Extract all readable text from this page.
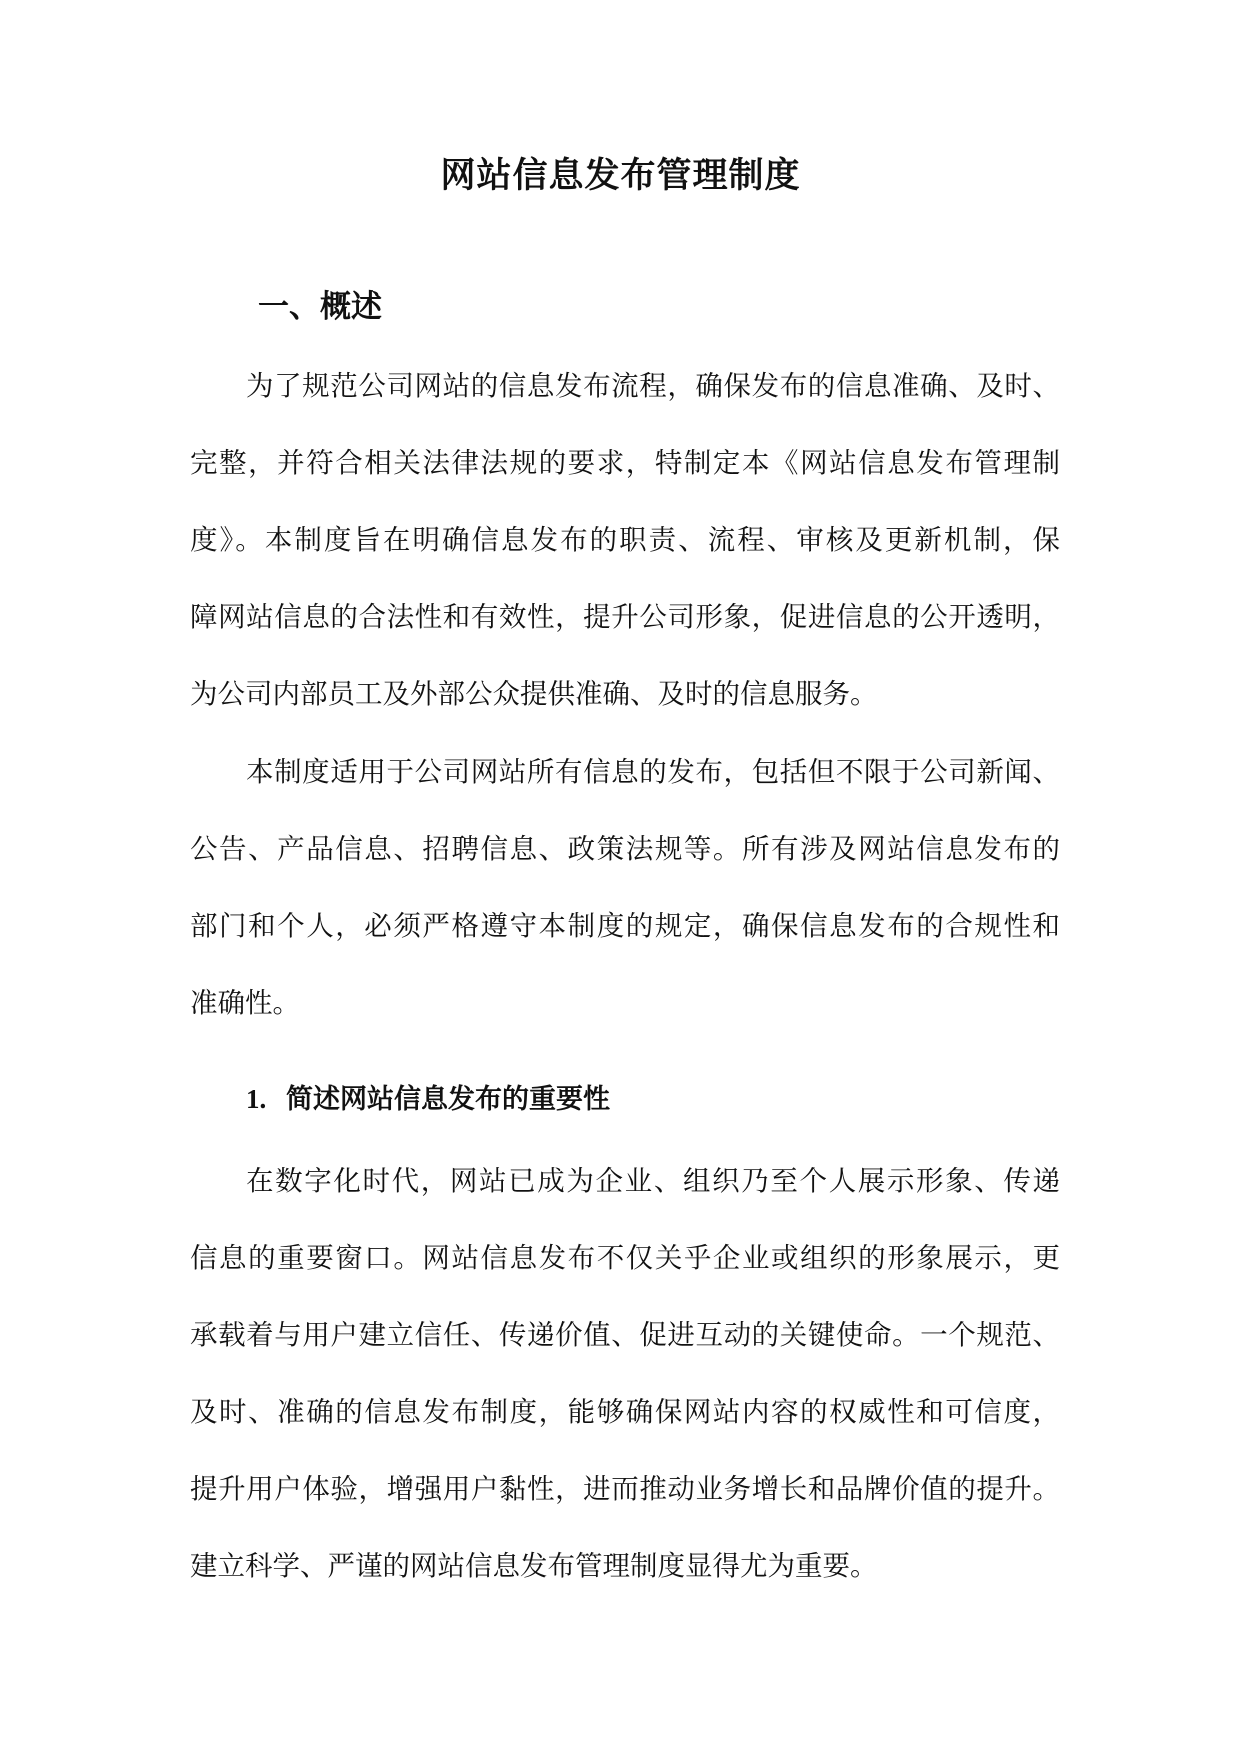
网站信息发布管理制度
一、概述

为了规范公司网站的信息发布流程，确保发布的信息准确、及时、

完整，并符合相关法律法规的要求，特制定本《网站信息发布管理制

度》。本制度旨在明确信息发布的职责、流程、审核及更新机制，保

障网站信息的合法性和有效性，提升公司形象，促进信息的公开透明，

为公司内部员工及外部公众提供准确、及时的信息服务。

本制度适用于公司网站所有信息的发布，包括但不限于公司新闻、

公告、产品信息、招聘信息、政策法规等。所有涉及网站信息发布的

部门和个人，必须严格遵守本制度的规定，确保信息发布的合规性和

准确性。

1. 简述网站信息发布的重要性

在数字化时代，网站已成为企业、组织乃至个人展示形象、传递

信息的重要窗口。网站信息发布不仅关乎企业或组织的形象展示，更

承载着与用户建立信任、传递价值、促进互动的关键使命。一个规范、

及时、准确的信息发布制度，能够确保网站内容的权威性和可信度，

提升用户体验，增强用户黏性，进而推动业务增长和品牌价值的提升。

建立科学、严谨的网站信息发布管理制度显得尤为重要。
